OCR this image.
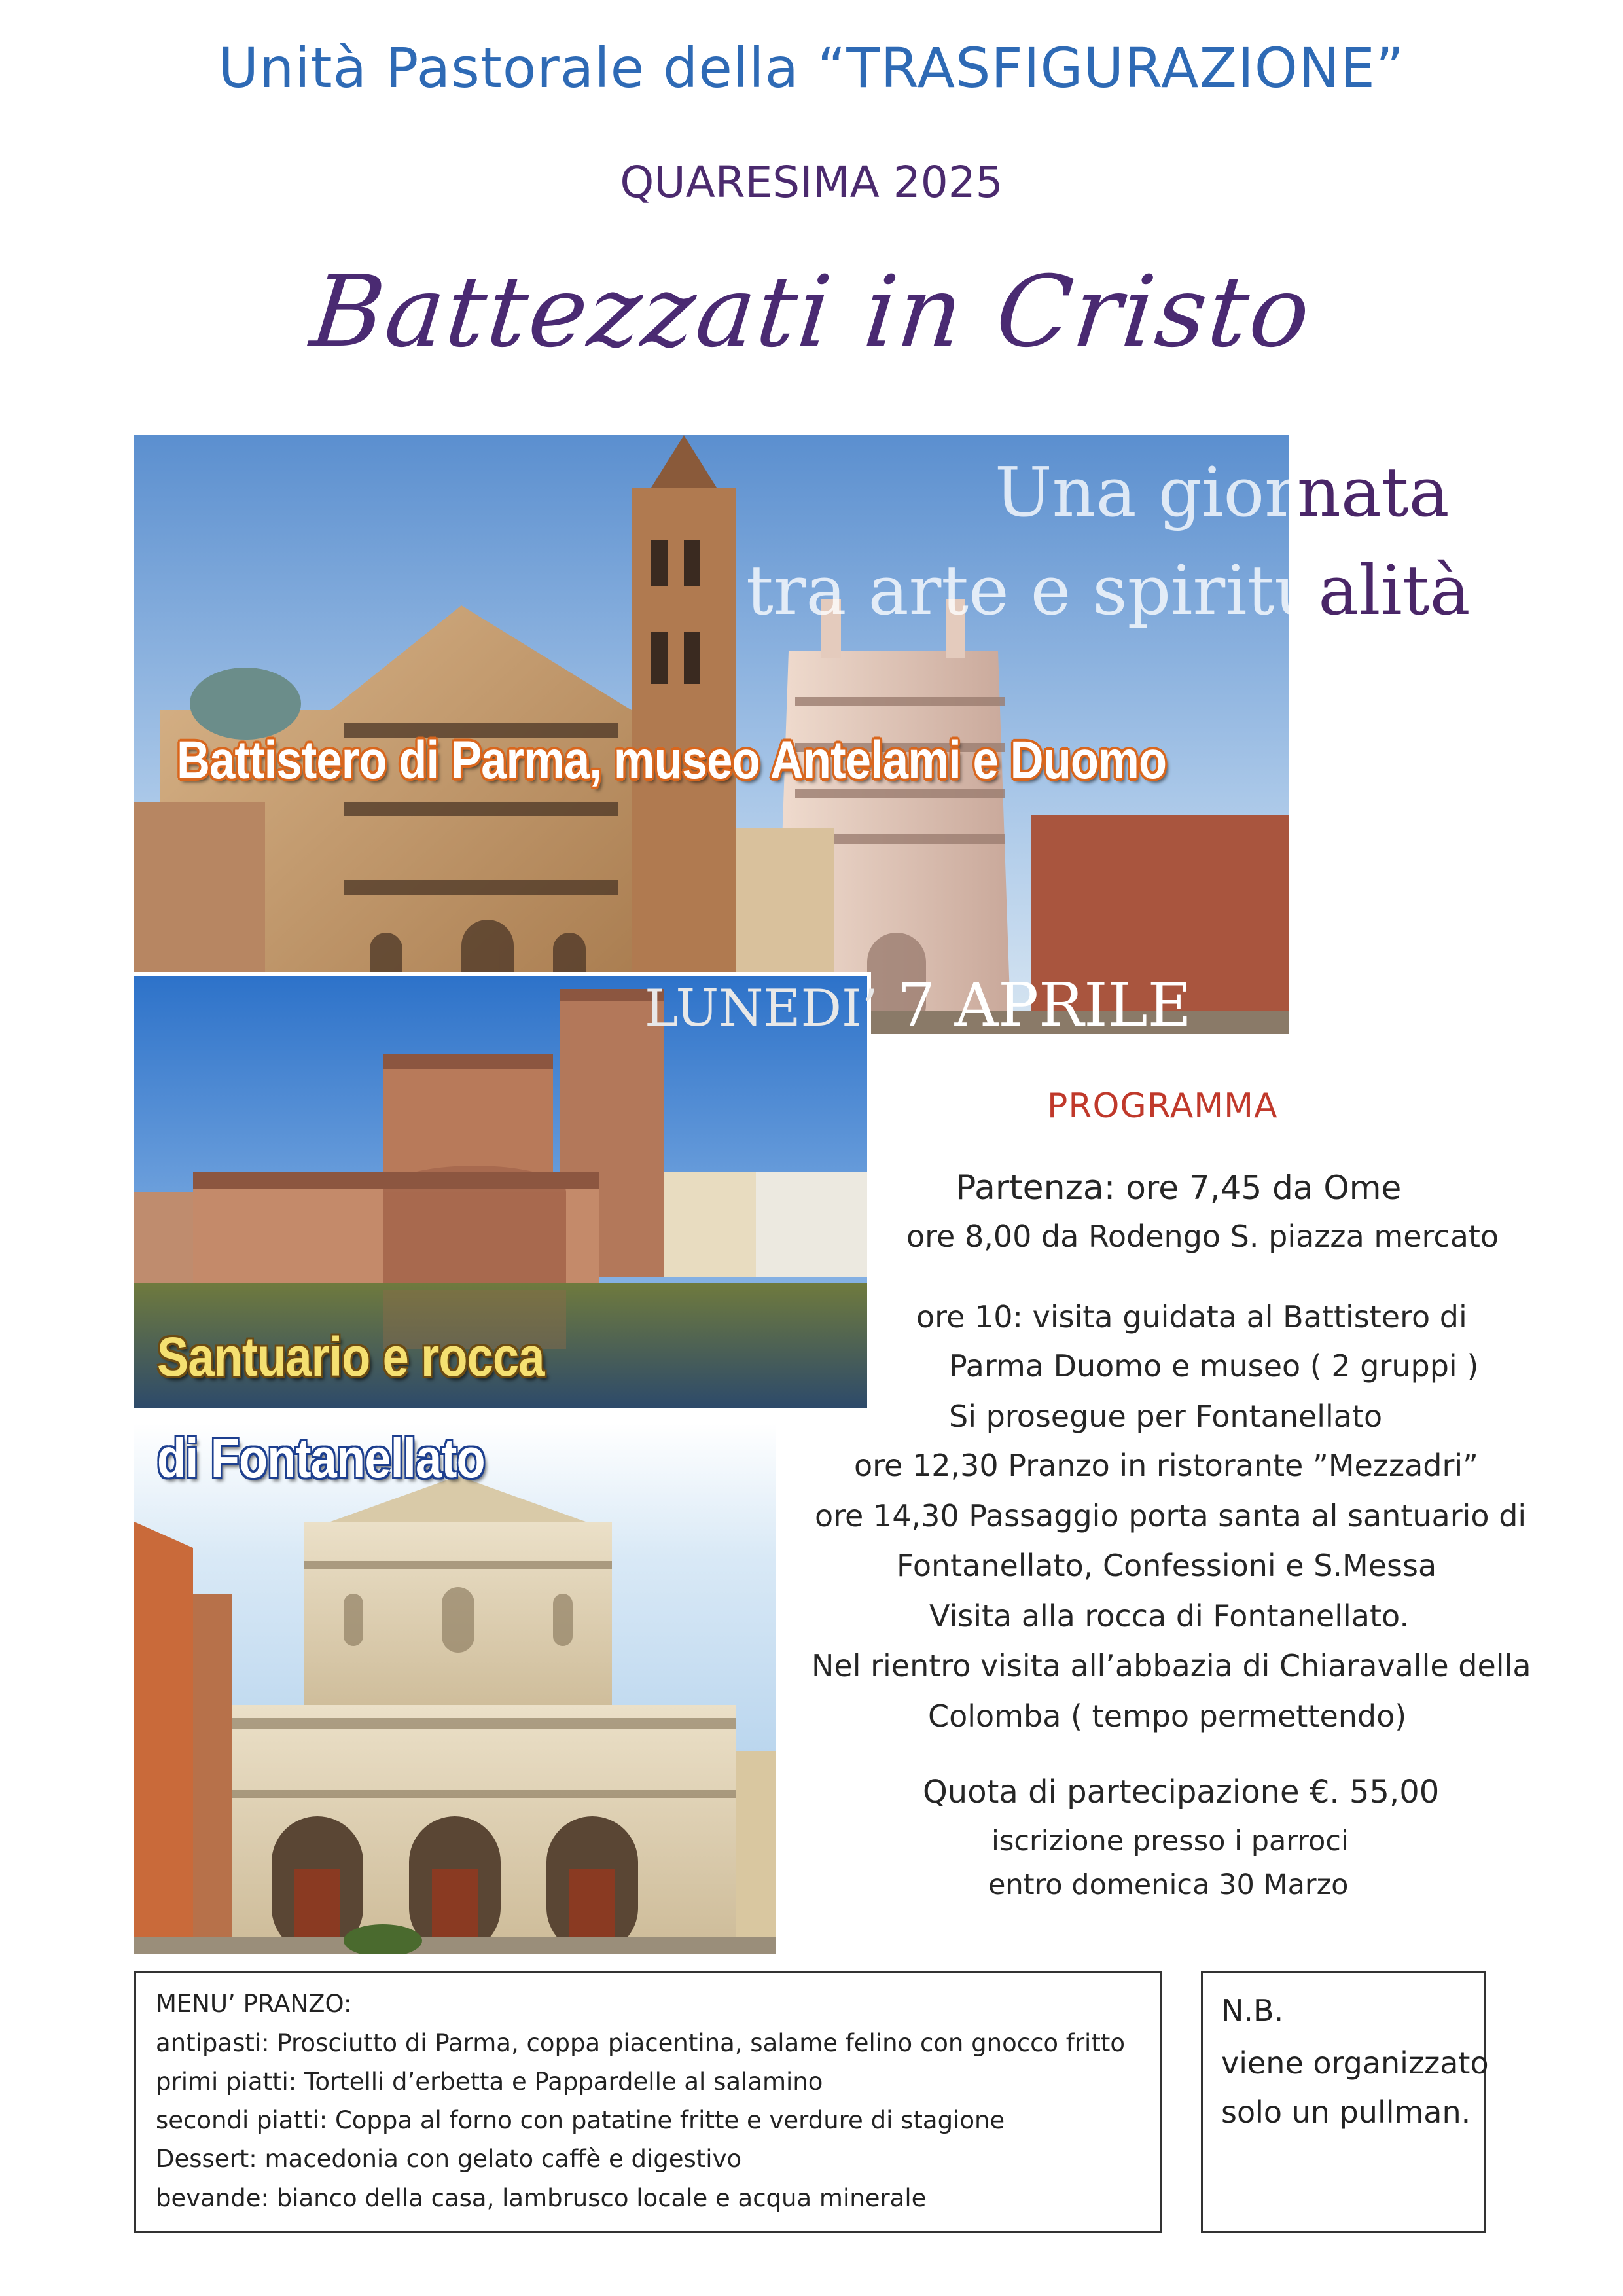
Unità Pastorale della “TRASFIGURAZIONE”
QUARESIMA 2025
Battezzati in Cristo
Una giornata
tra arte e spiritualità
Battistero di Parma, museo Antelami e Duomo
LUNEDI’ 7 APRILE
Santuario e rocca
di Fontanellato
PROGRAMMA
Partenza: ore 7,45 da Ome
ore 8,00 da Rodengo S. piazza mercato
ore 10: visita guidata al Battistero di
Parma Duomo e museo ( 2 gruppi )
Si prosegue per Fontanellato
ore 12,30 Pranzo in ristorante ”Mezzadri”
ore 14,30 Passaggio porta santa al santuario di
Fontanellato, Confessioni e S.Messa
Visita alla rocca di Fontanellato.
Nel rientro visita all’abbazia di Chiaravalle della
Colomba ( tempo permettendo)
Quota di partecipazione €. 55,00
iscrizione presso i parroci
entro domenica 30 Marzo
MENU’ PRANZO:
antipasti: Prosciutto di Parma, coppa piacentina, salame felino con gnocco fritto
primi piatti: Tortelli d’erbetta e Pappardelle al salamino
secondi piatti: Coppa al forno con patatine fritte e verdure di stagione
Dessert: macedonia con gelato caffè e digestivo
bevande: bianco della casa, lambrusco locale e acqua minerale
N.B.
viene organizzato
solo un pullman.
